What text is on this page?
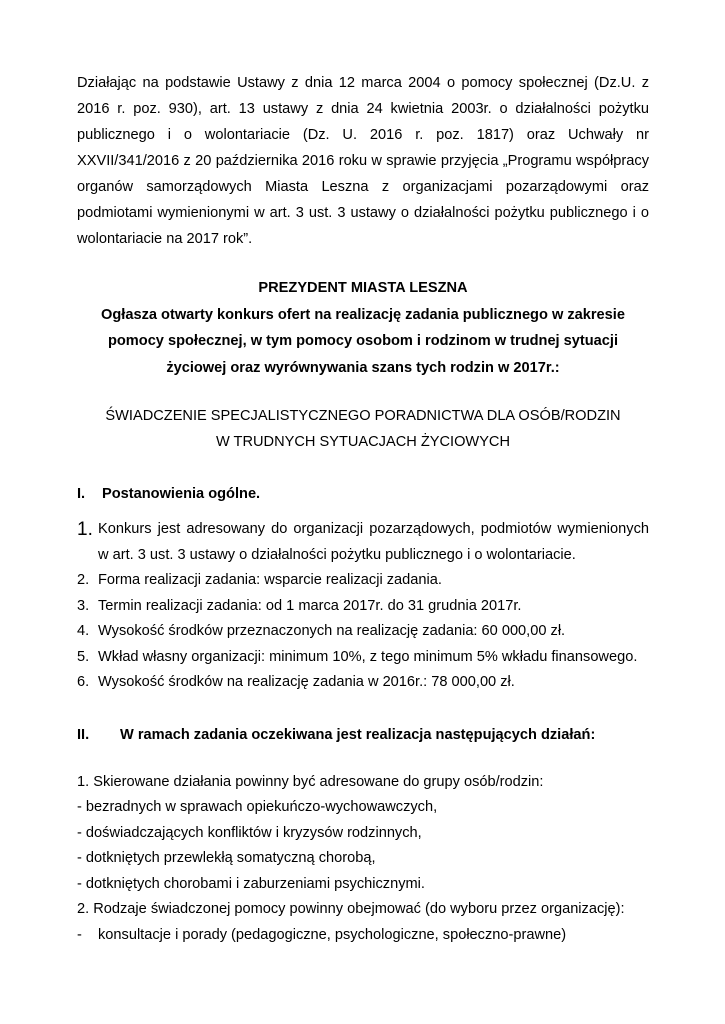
Działając na podstawie Ustawy z dnia 12 marca 2004 o pomocy społecznej (Dz.U. z
2016 r. poz. 930), art. 13 ustawy z dnia 24 kwietnia 2003r. o działalności pożytku
publicznego i o wolontariacie (Dz. U. 2016 r. poz. 1817) oraz Uchwały nr
XXVII/341/2016 z 20 października 2016 roku w sprawie przyjęcia „Programu współpracy
organów samorządowych Miasta Leszna z organizacjami pozarządowymi oraz
podmiotami wymienionymi w art. 3 ust. 3 ustawy o działalności pożytku publicznego i o
wolontariacie na 2017 rok”.
PREZYDENT MIASTA LESZNA
Ogłasza otwarty konkurs ofert na realizację zadania publicznego w zakresie
pomocy społecznej, w tym pomocy osobom i rodzinom w trudnej sytuacji
życiowej oraz wyrównywania szans tych rodzin w 2017r.:
ŚWIADCZENIE SPECJALISTYCZNEGO PORADNICTWA DLA OSÓB/RODZIN
W TRUDNYCH SYTUACJACH ŻYCIOWYCH
I.	Postanowienia ogólne.
1. Konkurs jest adresowany do organizacji pozarządowych, podmiotów wymienionych
w art. 3 ust. 3 ustawy o działalności pożytku publicznego i o wolontariacie.
2. Forma realizacji zadania: wsparcie realizacji zadania.
3. Termin realizacji zadania: od 1 marca 2017r. do 31 grudnia 2017r.
4. Wysokość środków przeznaczonych na realizację zadania: 60 000,00 zł.
5. Wkład własny organizacji: minimum 10%, z tego minimum 5% wkładu finansowego.
6. Wysokość środków na realizację zadania w 2016r.: 78 000,00 zł.
II.	W ramach zadania oczekiwana jest realizacja następujących działań:
1. Skierowane działania powinny być adresowane do grupy osób/rodzin:
- bezradnych w sprawach opiekuńczo-wychowawczych,
- doświadczających konfliktów i kryzysów rodzinnych,
- dotkniętych przewlekłą somatyczną chorobą,
- dotkniętych chorobami i zaburzeniami psychicznymi.
2. Rodzaje świadczonej pomocy powinny obejmować (do wyboru przez organizację):
-	konsultacje i porady (pedagogiczne, psychologiczne, społeczno-prawne)
